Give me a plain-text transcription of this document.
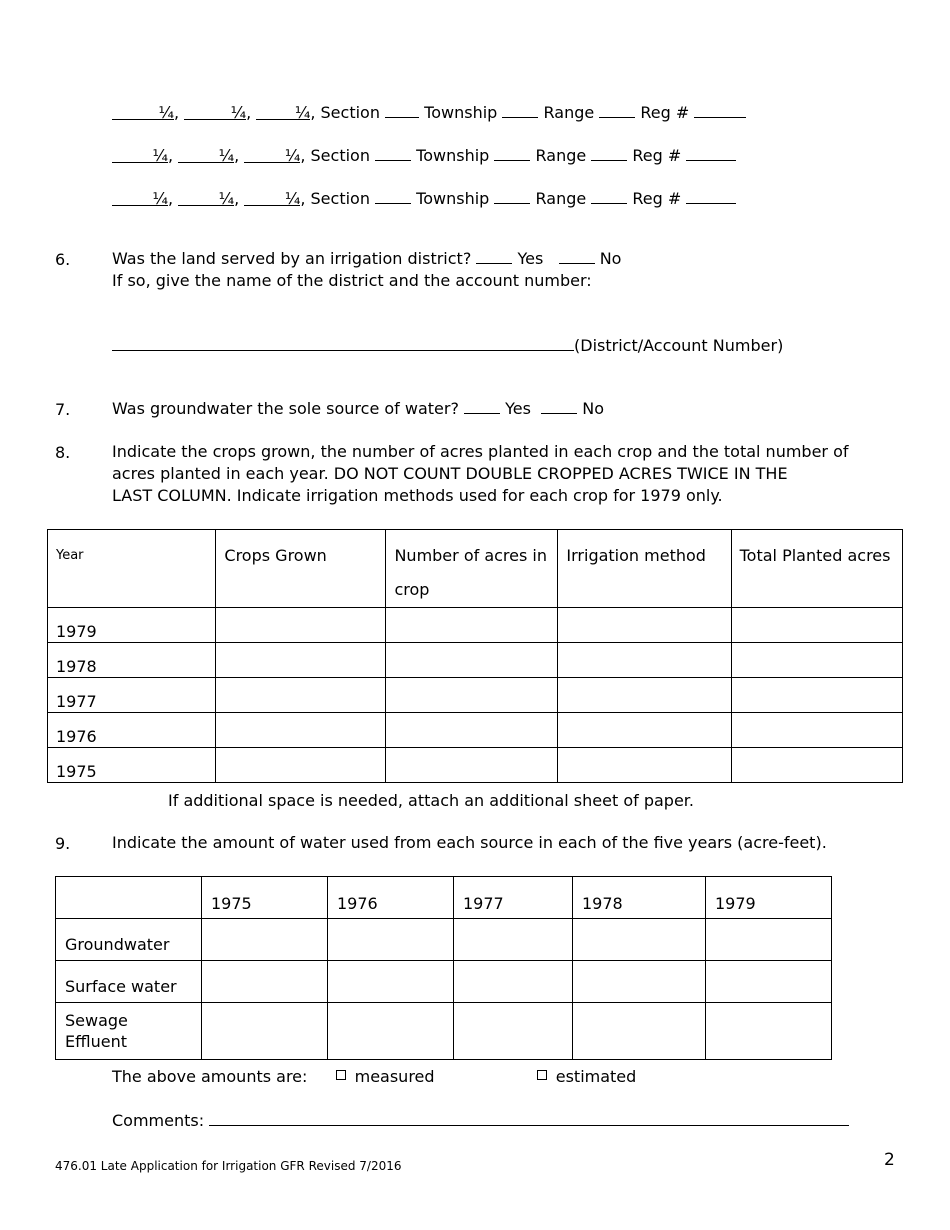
¼,	¼, ¼, Section	Township	Range	Reg #
¼,	¼,	¼, Section	Township	Range	Reg #
¼,	¼,	¼, Section	Township	Range	Reg #
6.	Was the land served by an irrigation district?	Yes	No
If so, give the name of the district and the account number:
(District/Account Number)
7.	Was groundwater the sole source of water?	Yes	No
8.	Indicate the crops grown, the number of acres planted in each crop and the total number of
acres planted in each year. DO NOT COUNT DOUBLE CROPPED ACRES TWICE IN THE
LAST COLUMN. Indicate irrigation methods used for each crop for 1979 only.
Year	Crops Grown	Number of acres in crop	Irrigation method	Total Planted acres
1979				
1978				
1977				
1976				
1975				
If additional space is needed, attach an additional sheet of paper.
9.	Indicate the amount of water used from each source in each of the five years (acre-feet).
	1975	1976	1977	1978	1979
Groundwater					
Surface water					
Sewage Effluent					
The above amounts are:	measured	estimated
Comments:
476.01 Late Application for Irrigation GFR Revised 7/2016	2
